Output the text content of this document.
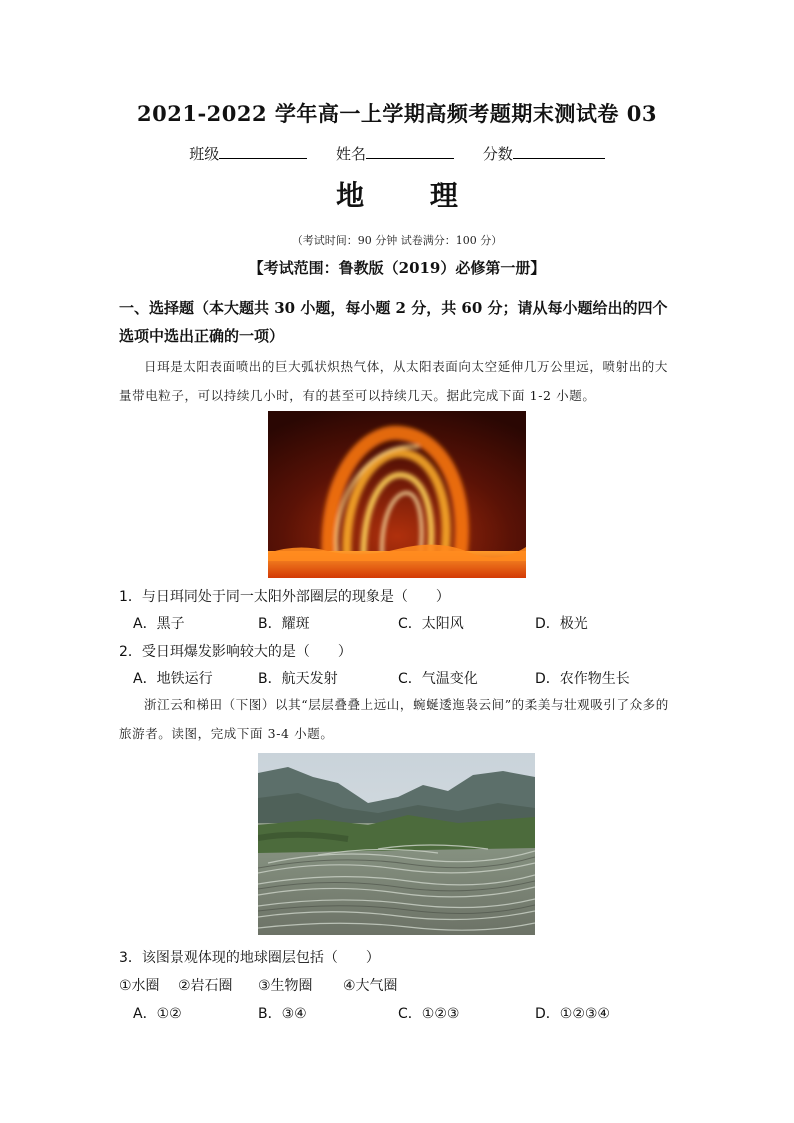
2021-2022 学年高一上学期高频考题期末测试卷 03
班级	姓名	分数
地 理
（考试时间：90 分钟 试卷满分：100 分）
【考试范围：鲁教版（2019）必修第一册】
一、选择题（本大题共 30 小题，每小题 2 分，共 60 分；请从每小题给出的四个选项中选出正确的一项）
日珥是太阳表面喷出的巨大弧状炽热气体，从太阳表面向太空延伸几万公里远，喷射出的大量带电粒子，可以持续几小时，有的甚至可以持续几天。据此完成下面 1-2 小题。
1．与日珥同处于同一太阳外部圈层的现象是（　　）
A．黑子	B．耀斑	C．太阳风	D．极光
2．受日珥爆发影响较大的是（　　）
A．地铁运行	B．航天发射	C．气温变化	D．农作物生长
浙江云和梯田（下图）以其“层层叠叠上远山，蜿蜒逶迤袅云间”的柔美与壮观吸引了众多的旅游者。读图，完成下面 3-4 小题。
3．该图景观体现的地球圈层包括（　　）
①水圈 ②岩石圈 ③生物圈 ④大气圈
A．①②	B．③④	C．①②③	D．①②③④
